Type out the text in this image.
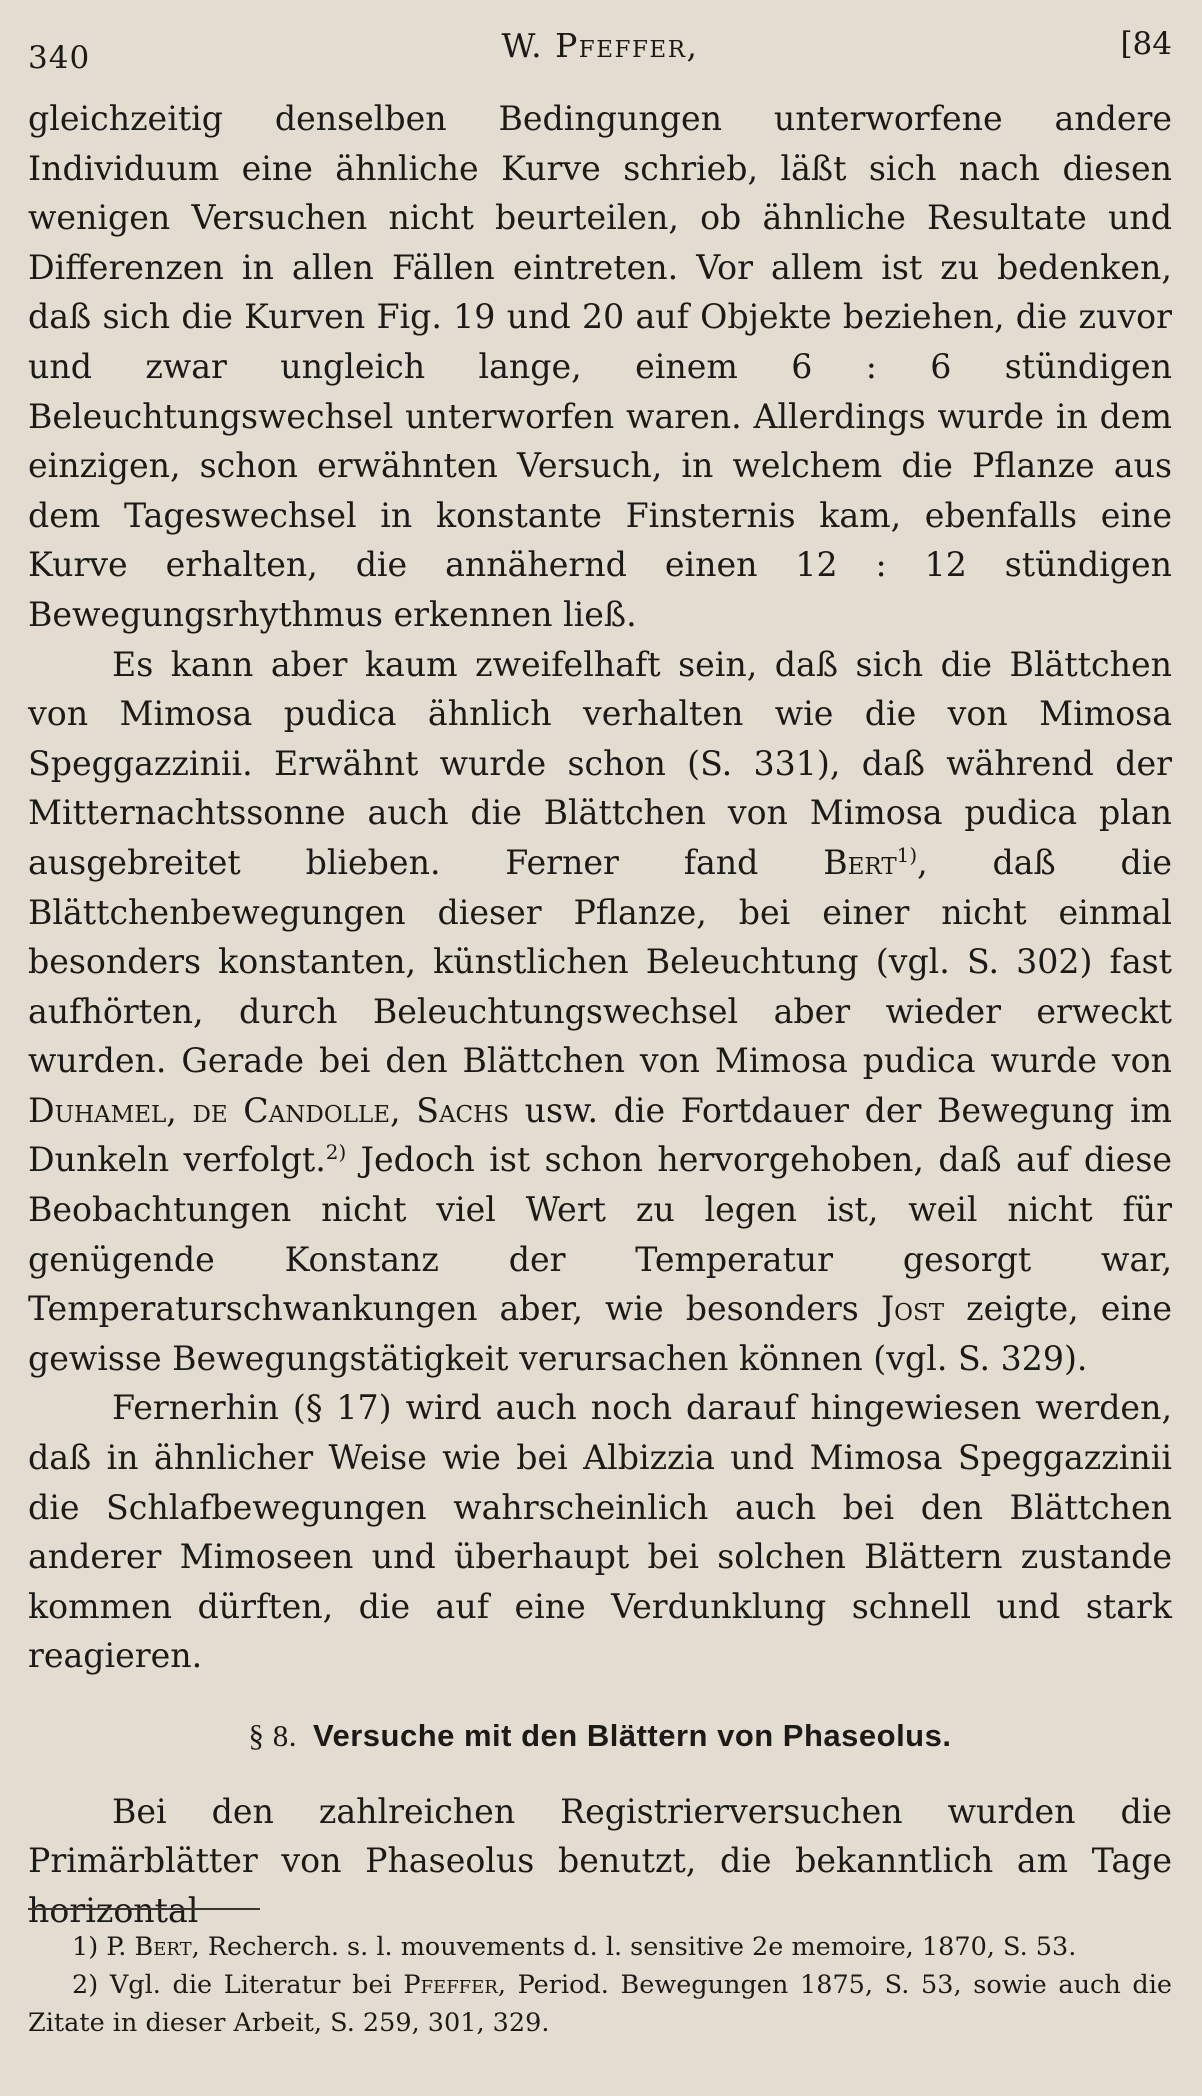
340	W. Pfeffer,	[84

gleichzeitig denselben Bedingungen unterworfene andere Individuum eine ähnliche Kurve schrieb, läßt sich nach diesen wenigen Versuchen nicht beurteilen, ob ähnliche Resultate und Differenzen in allen Fällen eintreten. Vor allem ist zu bedenken, daß sich die Kurven Fig. 19 und 20 auf Objekte beziehen, die zuvor und zwar ungleich lange, einem 6 : 6 stündigen Beleuchtungswechsel unterworfen waren. Allerdings wurde in dem einzigen, schon erwähnten Versuch, in welchem die Pflanze aus dem Tageswechsel in konstante Finsternis kam, ebenfalls eine Kurve erhalten, die annähernd einen 12 : 12 stündigen Bewegungsrhythmus erkennen ließ.

Es kann aber kaum zweifelhaft sein, daß sich die Blättchen von Mimosa pudica ähnlich verhalten wie die von Mimosa Speggazzinii. Erwähnt wurde schon (S. 331), daß während der Mitternachtssonne auch die Blättchen von Mimosa pudica plan ausgebreitet blieben. Ferner fand Bert$^{1)}$, daß die Blättchenbewegungen dieser Pflanze, bei einer nicht einmal besonders konstanten, künstlichen Beleuchtung (vgl. S. 302) fast aufhörten, durch Beleuchtungswechsel aber wieder erweckt wurden. Gerade bei den Blättchen von Mimosa pudica wurde von Duhamel, de Candolle, Sachs usw. die Fortdauer der Bewegung im Dunkeln verfolgt.$^{2)}$ Jedoch ist schon hervorgehoben, daß auf diese Beobachtungen nicht viel Wert zu legen ist, weil nicht für genügende Konstanz der Temperatur gesorgt war, Temperaturschwankungen aber, wie besonders Jost zeigte, eine gewisse Bewegungstätigkeit verursachen können (vgl. S. 329).

Fernerhin (§ 17) wird auch noch darauf hingewiesen werden, daß in ähnlicher Weise wie bei Albizzia und Mimosa Speggazzinii die Schlafbewegungen wahrscheinlich auch bei den Blättchen anderer Mimoseen und überhaupt bei solchen Blättern zustande kommen dürften, die auf eine Verdunklung schnell und stark reagieren.

§ 8. Versuche mit den Blättern von Phaseolus.

Bei den zahlreichen Registrierversuchen wurden die Primärblätter von Phaseolus benutzt, die bekanntlich am Tage horizontal

1) P. Bert, Recherch. s. l. mouvements d. l. sensitive 2e memoire, 1870, S. 53.

2) Vgl. die Literatur bei Pfeffer, Period. Bewegungen 1875, S. 53, sowie auch die Zitate in dieser Arbeit, S. 259, 301, 329.
